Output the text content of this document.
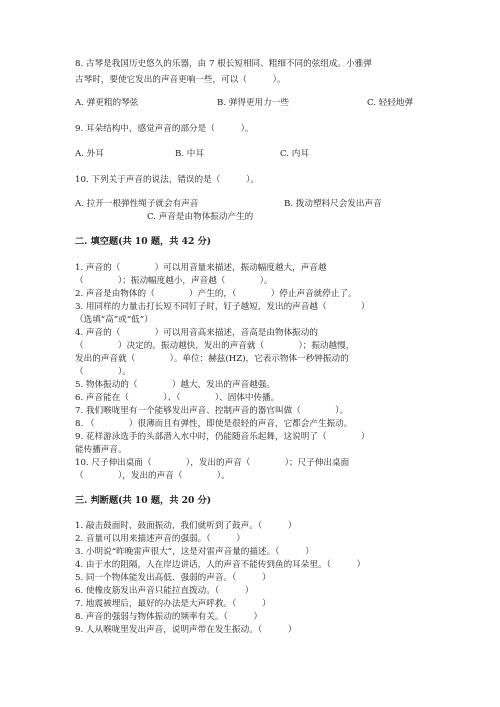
8. 古琴是我国历史悠久的乐器，由 7 根长短相同、粗细不同的弦组成。小雅弹
古琴时，要使它发出的声音更响一些，可以（　　　）。
A. 弹更粗的琴弦	B. 弹得更用力一些	C. 轻轻地弹
9. 耳朵结构中，感觉声音的部分是（　　　）。
A. 外耳	B. 中耳	C. 内耳
10. 下列关于声音的说法，错误的是（　　　）。
A. 拉开一根弹性绳子就会有声音	B. 拨动塑料尺会发出声音
C. 声音是由物体振动产生的
二. 填空题(共 10 题，共 42 分)
1. 声音的（　　　　）可以用音量来描述，振动幅度越大，声音越
（　　　　）；振动幅度越小，声音越（　　　　）。
2. 声音是由物体的（　　　　）产生的，（　　　　）停止声音就停止了。
3. 用同样的力量击打长短不同钉子时，钉子越短，发出的声音越（　　　　）
（选填“高”或“低”）
4. 声音的（　　　　）可以用音高来描述，音高是由物体振动的
（　　　　）决定的。振动越快，发出的声音就（　　　　）；振动越慢，
发出的声音就（　　　　）。单位：赫兹(HZ)，它表示物体一秒钟振动的
（　　　　）。
5. 物体振动的（　　　　）越大，发出的声音越强。
6. 声音能在（　　　　）、（　　　　）、固体中传播。
7. 我们喉咙里有一个能够发出声音、控制声音的器官叫做（　　　　）。
8. （　　　　）很薄而且有弹性，即使是很轻的声音，它都会产生振动。
9. 花样游泳选手的头部潜入水中时，仍能随音乐起舞，这说明了（　　　　）
能传播声音。
10. 尺子伸出桌面（　　　　），发出的声音（　　　　）；尺子伸出桌面
（　　　　），发出的声音（　　　　）。
三. 判断题(共 10 题，共 20 分)
1. 敲击鼓面时，鼓面振动，我们就听到了鼓声。（　　　）
2. 音量可以用来描述声音的强弱。（　　　）
3. 小明说“昨晚雷声很大”，这是对雷声音量的描述。（　　　）
4. 由于水的阻隔，人在岸边讲话，人的声音不能传到鱼的耳朵里。（　　　）
5. 同一个物体能发出高低、强弱的声音。（　　　）
6. 使橡皮筋发出声音只能拉直拨动。（　　　）
7. 地震被埋后，最好的办法是大声呼救。（　　　）
8. 声音的强弱与物体振动的频率有关。（　　　）
9. 人从喉咙里发出声音，说明声带在发生振动。（　　　）
